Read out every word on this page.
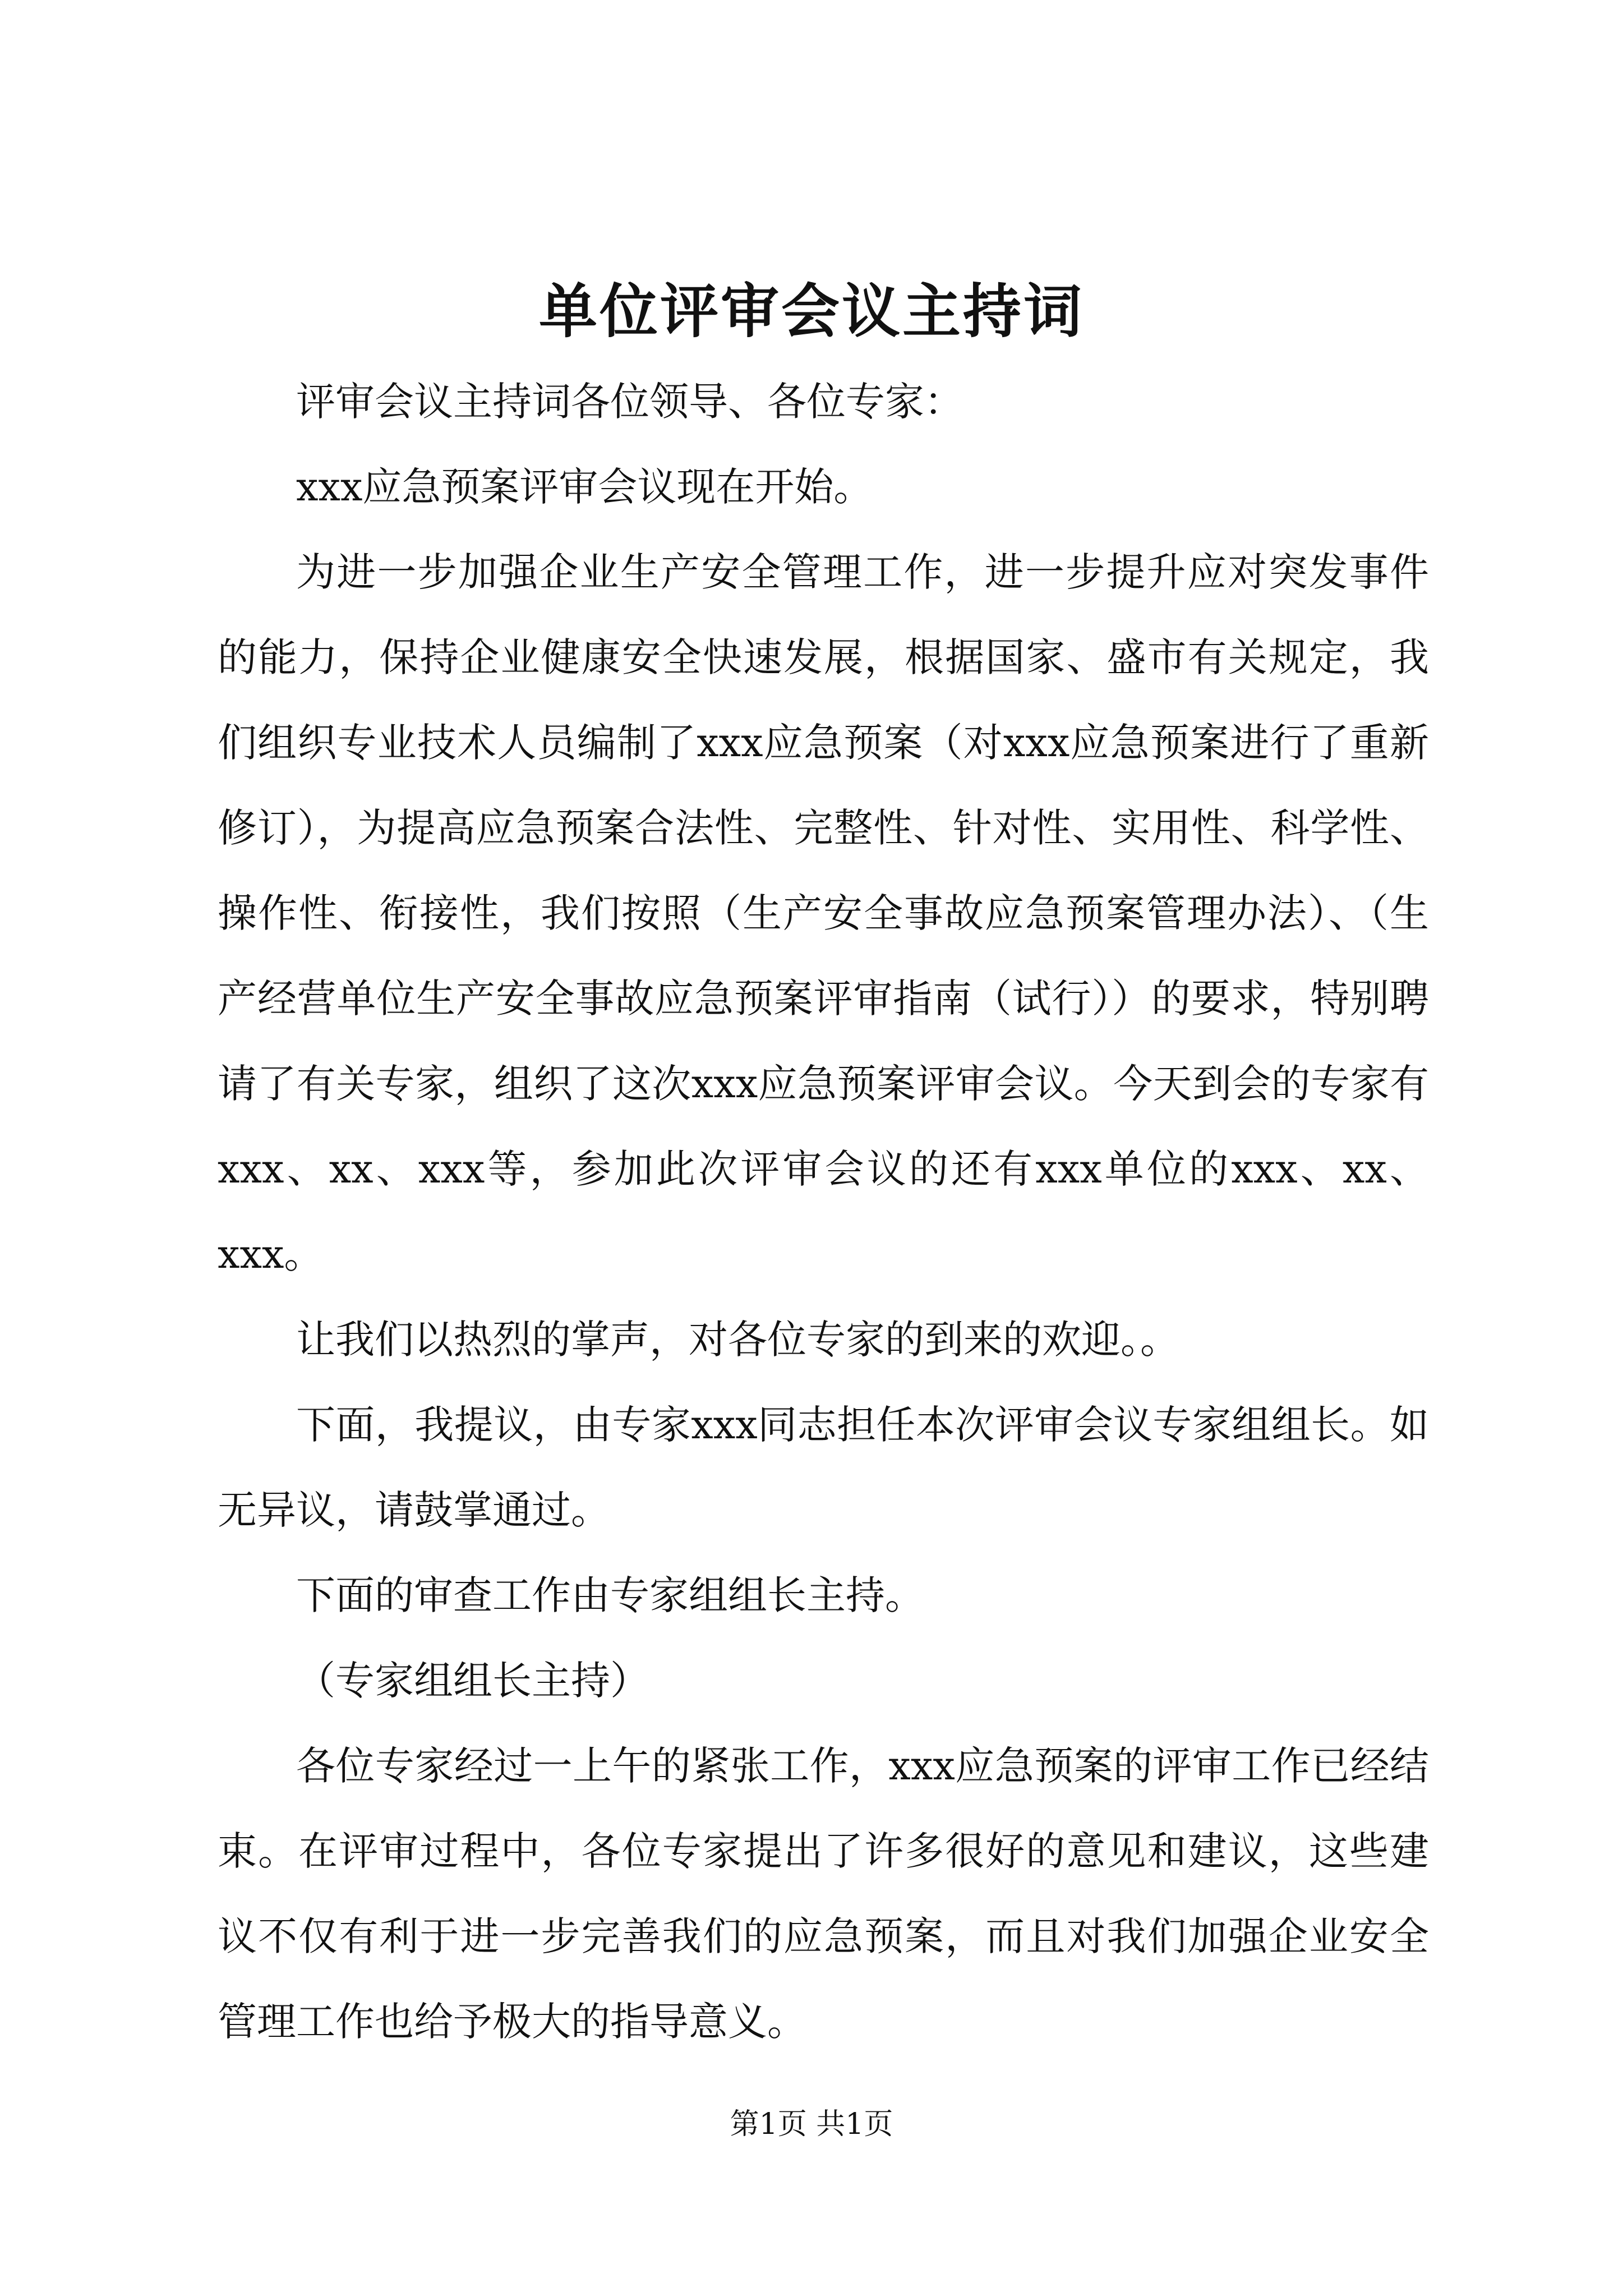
单位评审会议主持词

评审会议主持词各位领导、各位专家：

xxx应急预案评审会议现在开始。

为进一步加强企业生产安全管理工作，进一步提升应对突发事件的能力，保持企业健康安全快速发展，根据国家、盛市有关规定，我们组织专业技术人员编制了xxx应急预案（对xxx应急预案进行了重新修订），为提高应急预案合法性、完整性、针对性、实用性、科学性、操作性、衔接性，我们按照（生产安全事故应急预案管理办法）、（生产经营单位生产安全事故应急预案评审指南（试行））的要求，特别聘请了有关专家，组织了这次xxx应急预案评审会议。今天到会的专家有xxx、xx、xxx等，参加此次评审会议的还有xxx单位的xxx、xx、xxx。

让我们以热烈的掌声，对各位专家的到来的欢迎。。

下面，我提议，由专家xxx同志担任本次评审会议专家组组长。如无异议，请鼓掌通过。

下面的审查工作由专家组组长主持。

（专家组组长主持）

各位专家经过一上午的紧张工作，xxx应急预案的评审工作已经结束。在评审过程中，各位专家提出了许多很好的意见和建议，这些建议不仅有利于进一步完善我们的应急预案，而且对我们加强企业安全管理工作也给予极大的指导意义。

第1页 共1页
